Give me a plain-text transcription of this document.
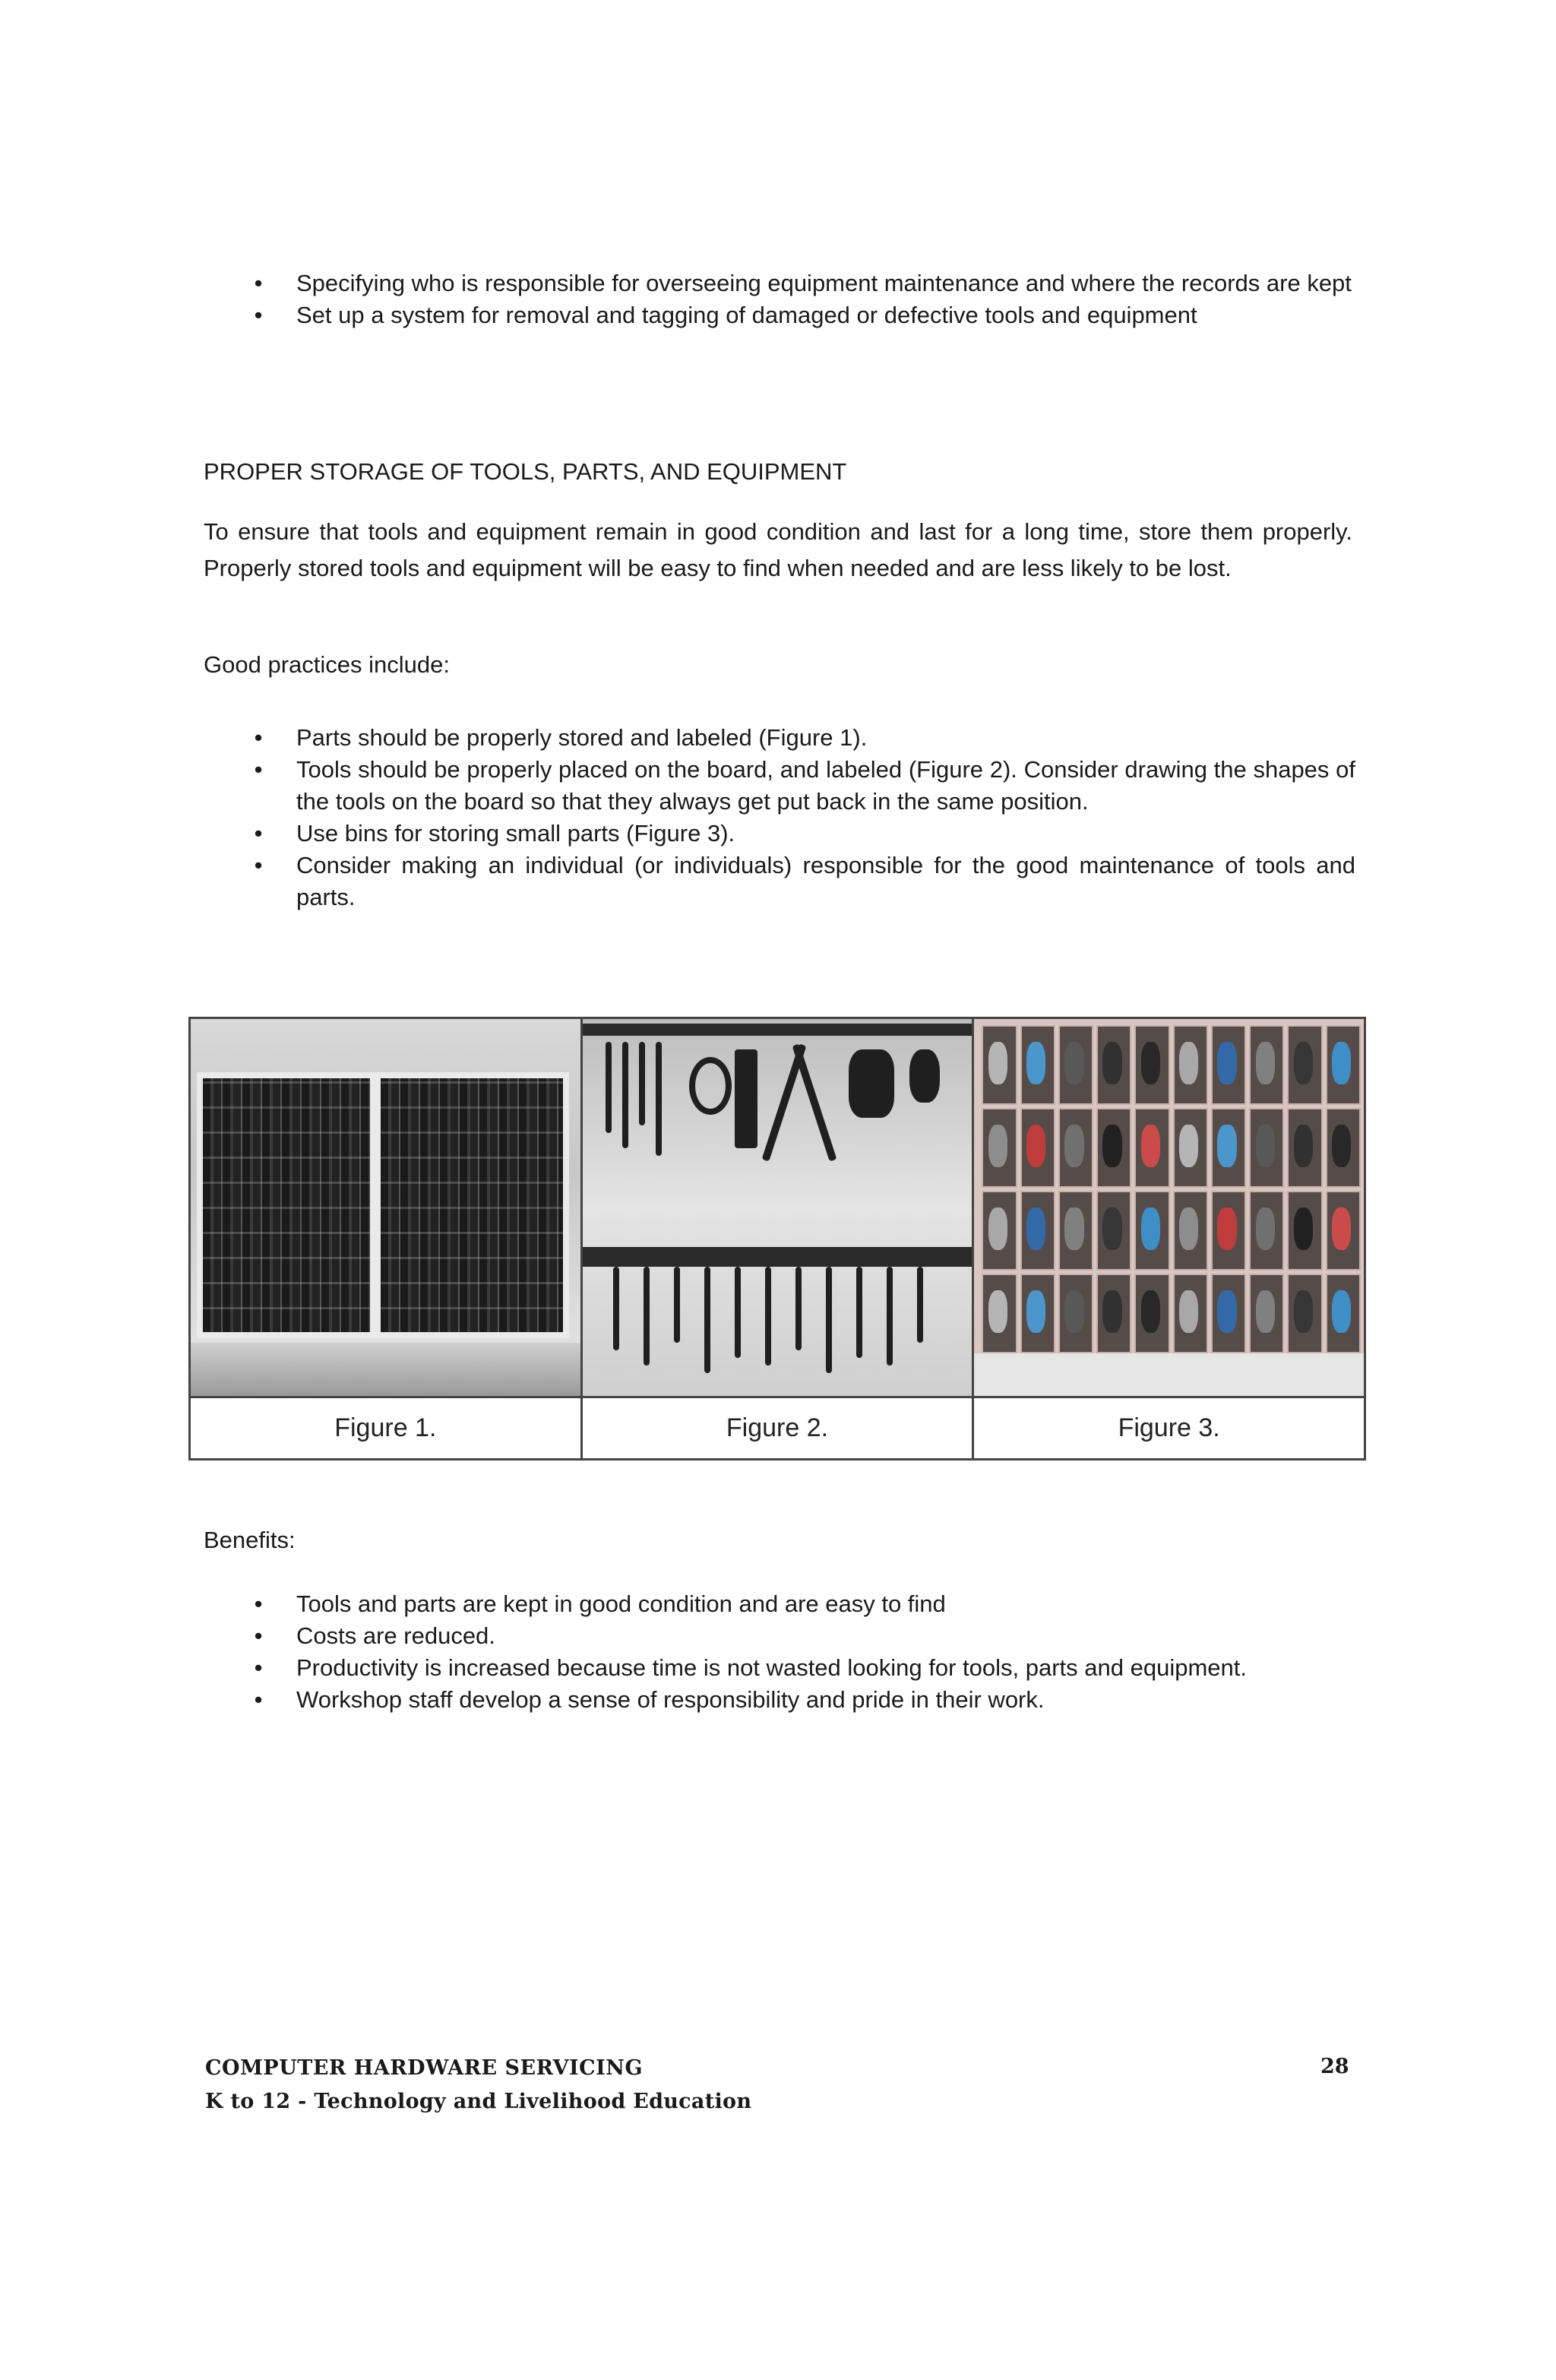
• Specifying who is responsible for overseeing equipment maintenance and where the records are kept
• Set up a system for removal and tagging of damaged or defective tools and equipment
PROPER STORAGE OF TOOLS, PARTS, AND EQUIPMENT

To ensure that tools and equipment remain in good condition and last for a long time, store them properly. Properly stored tools and equipment will be easy to find when needed and are less likely to be lost.

Good practices include:

• Parts should be properly stored and labeled (Figure 1).
• Tools should be properly placed on the board, and labeled (Figure 2). Consider drawing the shapes of the tools on the board so that they always get put back in the same position.
• Use bins for storing small parts (Figure 3).
• Consider making an individual (or individuals) responsible for the good maintenance of tools and parts.
Figure 1.	Figure 2.	Figure 3.

Benefits:

• Tools and parts are kept in good condition and are easy to find
• Costs are reduced.
• Productivity is increased because time is not wasted looking for tools, parts and equipment.
• Workshop staff develop a sense of responsibility and pride in their work.
COMPUTER HARDWARE SERVICING
K to 12 - Technology and Livelihood Education
28
